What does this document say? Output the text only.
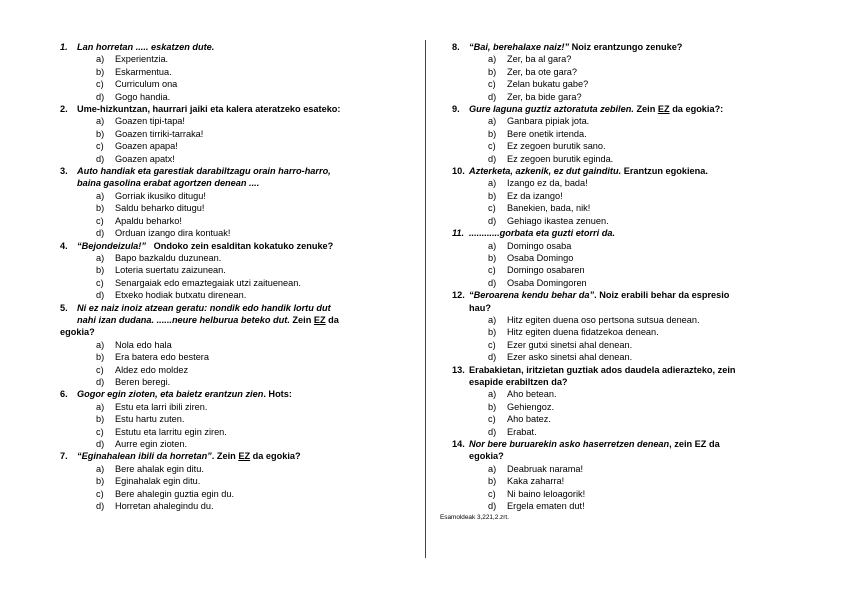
1. Lan horretan ..... eskatzen dute.
a) Experientzia.
b) Eskarmentua.
c) Curriculum ona
d) Gogo handia.
2. Ume-hizkuntzan, haurrari jaiki eta kalera ateratzeko esateko:
a) Goazen tipi-tapa!
b) Goazen tirriki-tarraka!
c) Goazen apapa!
d) Goazen apatx!
3. Auto handiak eta garestiak darabiltzagu orain harro-harro,
baina gasolina erabat agortzen denean ....
a) Gorriak ikusiko ditugu!
b) Saldu beharko ditugu!
c) Apaldu beharko!
d) Orduan izango dira kontuak!
4. “Bejondeizula!”   Ondoko zein esalditan kokatuko zenuke?
a) Bapo bazkaldu duzunean.
b) Loteria suertatu zaizunean.
c) Senargaiak edo emaztegaiak utzi zaituenean.
d) Etxeko hodiak butxatu direnean.
5. Ni ez naiz inoiz atzean geratu: nondik edo handik lortu dut
nahi izan dudana. ......neure helburua beteko dut. Zein EZ da
egokia?
a) Nola edo hala
b) Era batera edo bestera
c) Aldez edo moldez
d) Beren beregi.
6. Gogor egin zioten, eta baietz erantzun zien. Hots:
a) Estu eta larri ibili ziren.
b) Estu hartu zuten.
c) Estutu eta larritu egin ziren.
d) Aurre egin zioten.
7. “Eginahalean ibili da horretan”. Zein EZ da egokia?
a) Bere ahalak egin ditu.
b) Eginahalak egin ditu.
c) Bere ahalegin guztia egin du.
d) Horretan ahalegindu du.
8. “Bai, berehalaxe naiz!” Noiz erantzungo zenuke?
a) Zer, ba al gara?
b) Zer, ba ote gara?
c) Zelan bukatu gabe?
d) Zer, ba bide gara?
9. Gure laguna guztiz aztoratuta zebilen. Zein EZ da egokia?:
a) Ganbara pipiak jota.
b) Bere onetik irtenda.
c) Ez zegoen burutik sano.
d) Ez zegoen burutik eginda.
10. Azterketa, azkenik, ez dut gainditu. Erantzun egokiena.
a) Izango ez da, bada!
b) Ez da izango!
c) Banekien, bada, nik!
d) Gehiago ikastea zenuen.
11. ............gorbata eta guzti etorri da.
a) Domingo osaba
b) Osaba Domingo
c) Domingo osabaren
d) Osaba Domingoren
12. “Beroarena kendu behar da”. Noiz erabili behar da espresio
hau?
a) Hitz egiten duena oso pertsona sutsua denean.
b) Hitz egiten duena fidatzekoa denean.
c) Ezer gutxi sinetsi ahal denean.
d) Ezer asko sinetsi ahal denean.
13. Erabakietan, iritzietan guztiak ados daudela adierazteko, zein
esapide erabiltzen da?
a) Aho betean.
b) Gehiengoz.
c) Aho batez.
d) Erabat.
14. Nor bere buruarekin asko haserretzen denean, zein EZ da
egokia?
a) Deabruak narama!
b) Kaka zaharra!
c) Ni baino leloagorik!
d) Ergela ematen dut!
Esamoldeak 3,221,2.zrt.
